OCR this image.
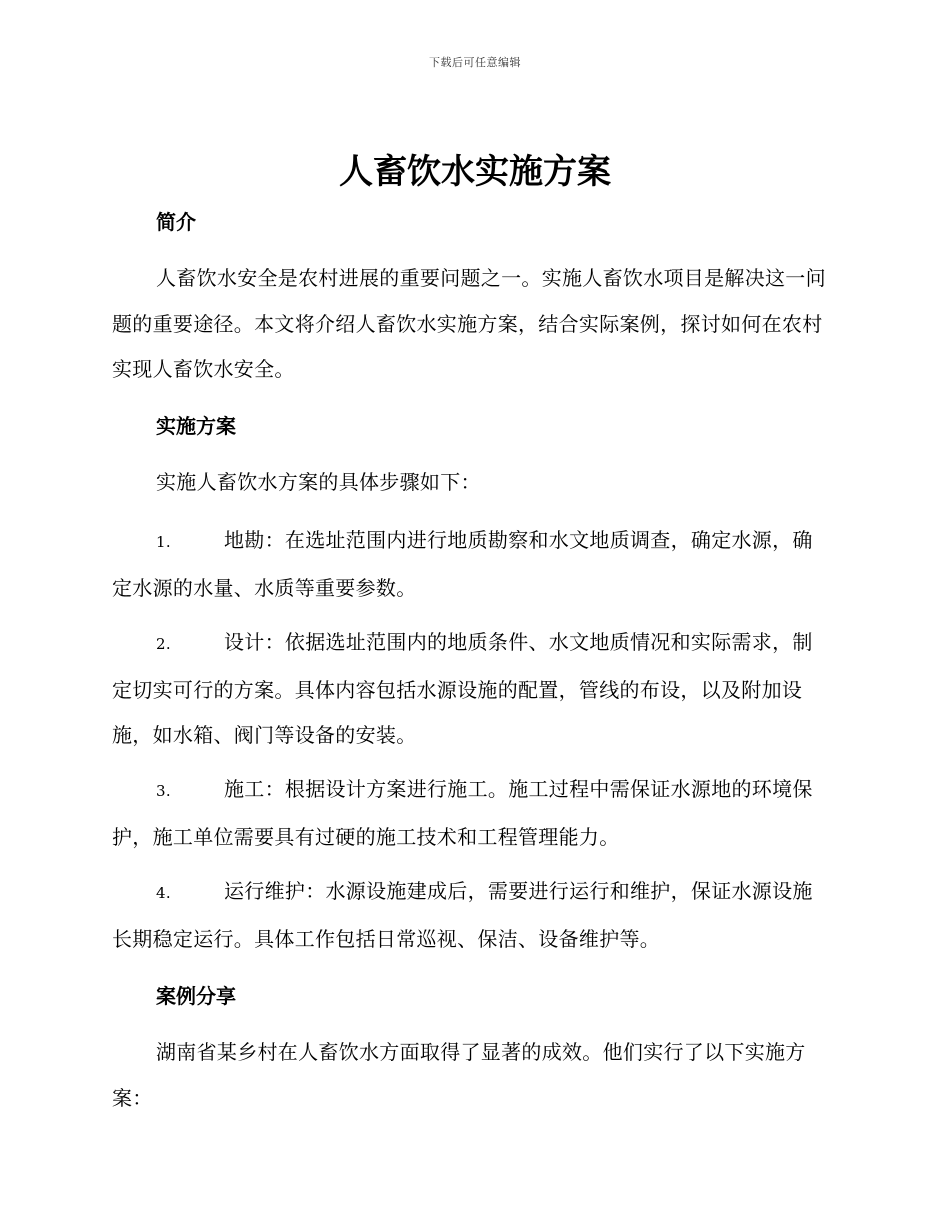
下载后可任意编辑
人畜饮水实施方案
简介

人畜饮水安全是农村进展的重要问题之一。实施人畜饮水项目是解决这一问题的重要途径。本文将介绍人畜饮水实施方案，结合实际案例，探讨如何在农村实现人畜饮水安全。

实施方案

实施人畜饮水方案的具体步骤如下：

1.	地勘：在选址范围内进行地质勘察和水文地质调查，确定水源，确定水源的水量、水质等重要参数。

2.	设计：依据选址范围内的地质条件、水文地质情况和实际需求，制定切实可行的方案。具体内容包括水源设施的配置，管线的布设，以及附加设施，如水箱、阀门等设备的安装。

3.	施工：根据设计方案进行施工。施工过程中需保证水源地的环境保护，施工单位需要具有过硬的施工技术和工程管理能力。

4.	运行维护：水源设施建成后，需要进行运行和维护，保证水源设施长期稳定运行。具体工作包括日常巡视、保洁、设备维护等。

案例分享

湖南省某乡村在人畜饮水方面取得了显著的成效。他们实行了以下实施方案：
